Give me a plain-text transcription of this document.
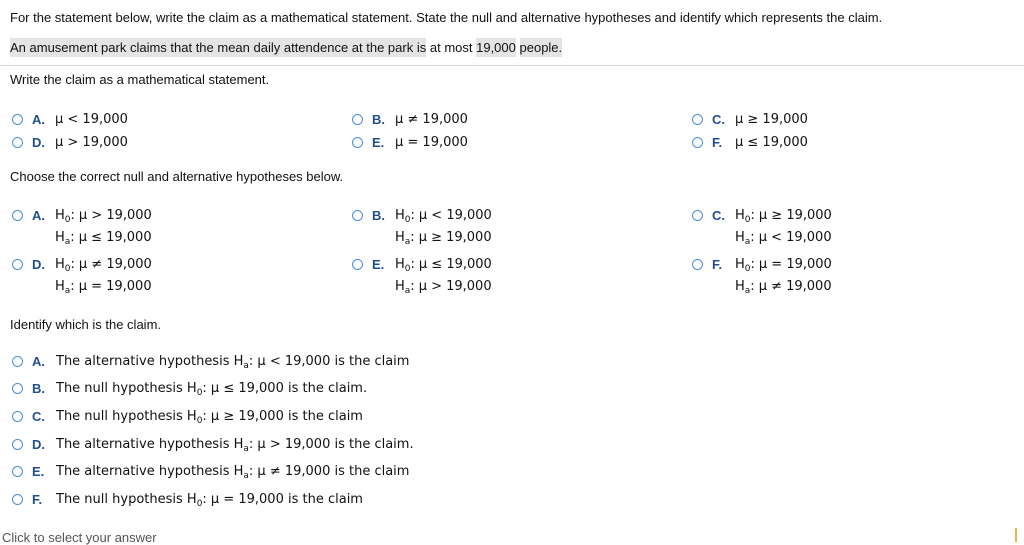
For the statement below, write the claim as a mathematical statement. State the null and alternative hypotheses and identify which represents the claim.
An amusement park claims that the mean daily attendence at the park is at most 19,000 people.
Write the claim as a mathematical statement.
A. μ < 19,000	B. μ ≠ 19,000	C. μ ≥ 19,000
D. μ > 19,000	E. μ = 19,000	F. μ ≤ 19,000
Choose the correct null and alternative hypotheses below.
A. $H_0$: μ > 19,000
$H_a$: μ ≤ 19,000
B. $H_0$: μ < 19,000
$H_a$: μ ≥ 19,000
C. $H_0$: μ ≥ 19,000
$H_a$: μ < 19,000
D. $H_0$: μ ≠ 19,000
$H_a$: μ = 19,000
E. $H_0$: μ ≤ 19,000
$H_a$: μ > 19,000
F. $H_0$: μ = 19,000
$H_a$: μ ≠ 19,000
Identify which is the claim.
A. The alternative hypothesis $H_a$: μ < 19,000 is the claim
B. The null hypothesis $H_0$: μ ≤ 19,000 is the claim.
C. The null hypothesis $H_0$: μ ≥ 19,000 is the claim
D. The alternative hypothesis $H_a$: μ > 19,000 is the claim.
E. The alternative hypothesis $H_a$: μ ≠ 19,000 is the claim
F. The null hypothesis $H_0$: μ = 19,000 is the claim
Click to select your answer
